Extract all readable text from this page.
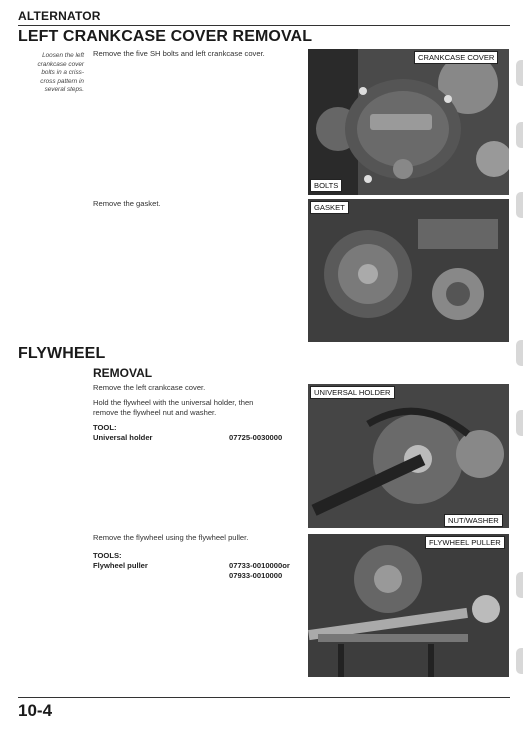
ALTERNATOR
LEFT CRANKCASE COVER REMOVAL
Loosen the left
crankcase cover
bolts in a criss-
cross pattern in
several steps.
Remove the five SH bolts and left crankcase cover.	CRANKCASE COVER
BOLTS
Remove the gasket.	GASKET
FLYWHEEL
REMOVAL
Remove the left crankcase cover.
Hold the flywheel with the universal holder, then
remove the flywheel nut and washer.
TOOL:
Universal holder	07725-0030000
UNIVERSAL HOLDER
NUT/WASHER
Remove the flywheel using the flywheel puller.
TOOLS:
Flywheel puller	07733-0010000or
07933-0010000
FLYWHEEL PULLER
10-4
